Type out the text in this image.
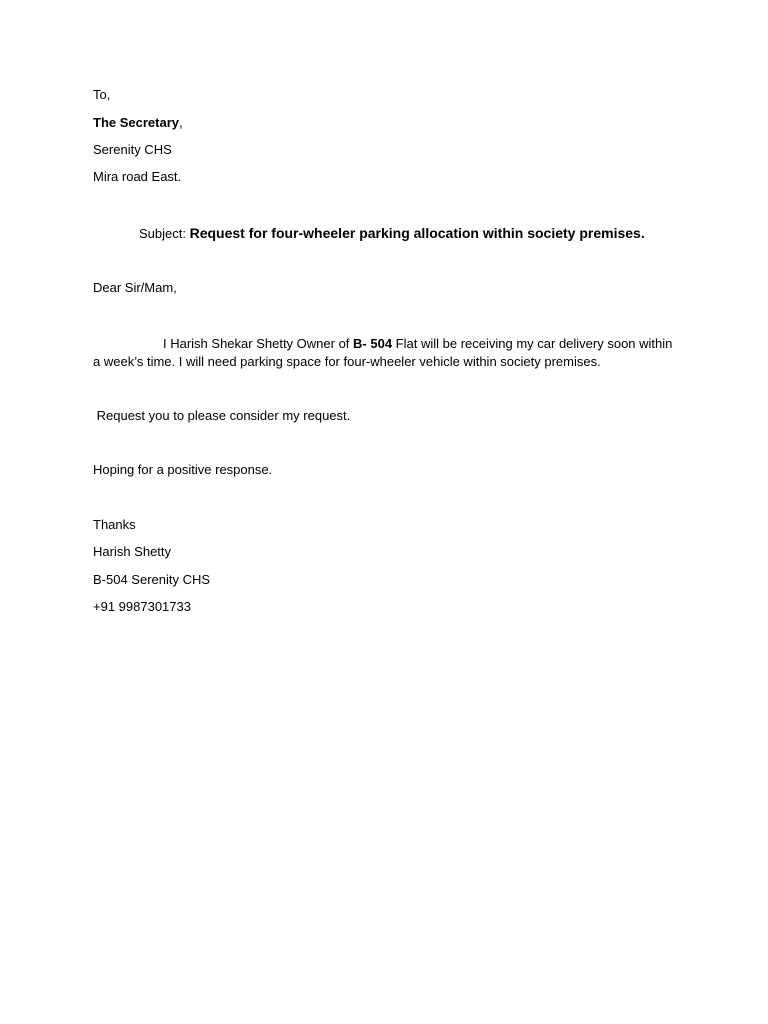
To,
The Secretary,
Serenity CHS
Mira road East.
Subject: Request for four-wheeler parking allocation within society premises.
Dear Sir/Mam,
I Harish Shekar Shetty Owner of B- 504 Flat will be receiving my car delivery soon within a week’s time. I will need parking space for four-wheeler vehicle within society premises.
Request you to please consider my request.
Hoping for a positive response.
Thanks
Harish Shetty
B-504 Serenity CHS
+91 9987301733
